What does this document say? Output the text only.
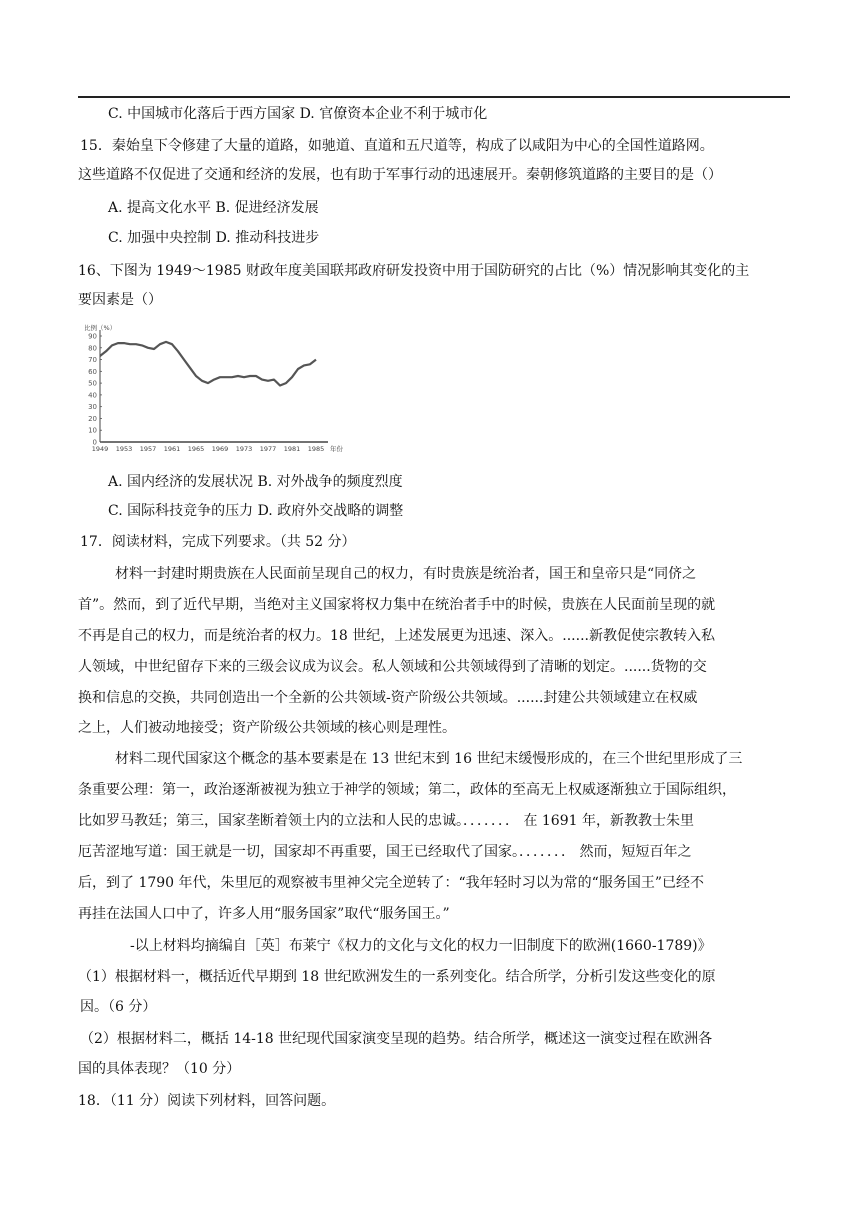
C. 中国城市化落后于西方国家 D. 官僚资本企业不利于城市化
15．秦始皇下令修建了大量的道路，如驰道、直道和五尺道等，构成了以咸阳为中心的全国性道路网。
这些道路不仅促进了交通和经济的发展，也有助于军事行动的迅速展开。秦朝修筑道路的主要目的是（）
A. 提高文化水平 B. 促进经济发展
C. 加强中央控制 D. 推动科技进步
16、下图为 1949～1985 财政年度美国联邦政府研发投资中用于国防研究的占比（%）情况影响其变化的主
要因素是（）
比例（%）
0
10
20
30
40
50
60
70
80
90
1949 1953 1957 1961 1965 1969 1973 1977 1981 1985 年份
A. 国内经济的发展状况 B. 对外战争的频度烈度
C. 国际科技竞争的压力 D. 政府外交战略的调整
17．阅读材料，完成下列要求。（共 52 分）
材料一封建时期贵族在人民面前呈现自己的权力，有时贵族是统治者，国王和皇帝只是“同侪之
首”。然而，到了近代早期，当绝对主义国家将权力集中在统治者手中的时候，贵族在人民面前呈现的就
不再是自己的权力，而是统治者的权力。18 世纪，上述发展更为迅速、深入。......新教促使宗教转入私
人领域，中世纪留存下来的三级会议成为议会。私人领域和公共领域得到了清晰的划定。......货物的交
换和信息的交换，共同创造出一个全新的公共领域-资产阶级公共领域。......封建公共领域建立在权威
之上，人们被动地接受；资产阶级公共领域的核心则是理性。
材料二现代国家这个概念的基本要素是在 13 世纪末到 16 世纪末缓慢形成的，在三个世纪里形成了三
条重要公理：第一，政治逐渐被视为独立于神学的领域；第二，政体的至高无上权威逐渐独立于国际组织，
比如罗马教廷；第三，国家垄断着领土内的立法和人民的忠诚。．．．．．．． 在 1691 年，新教教士朱里
厄苦涩地写道：国王就是一切，国家却不再重要，国王已经取代了国家。．．．．．．． 然而，短短百年之
后，到了 1790 年代，朱里厄的观察被韦里神父完全逆转了：“我年轻时习以为常的“服务国王”已经不
再挂在法国人口中了，许多人用“服务国家”取代“服务国王。”
-以上材料均摘编自［英］布莱宁《权力的文化与文化的权力一旧制度下的欧洲(1660-1789)》
（1）根据材料一，概括近代早期到 18 世纪欧洲发生的一系列变化。结合所学，分析引发这些变化的原
因。（6 分）
（2）根据材料二，概括 14-18 世纪现代国家演变呈现的趋势。结合所学，概述这一演变过程在欧洲各
国的具体表现？（10 分）
18．（11 分）阅读下列材料，回答问题。
